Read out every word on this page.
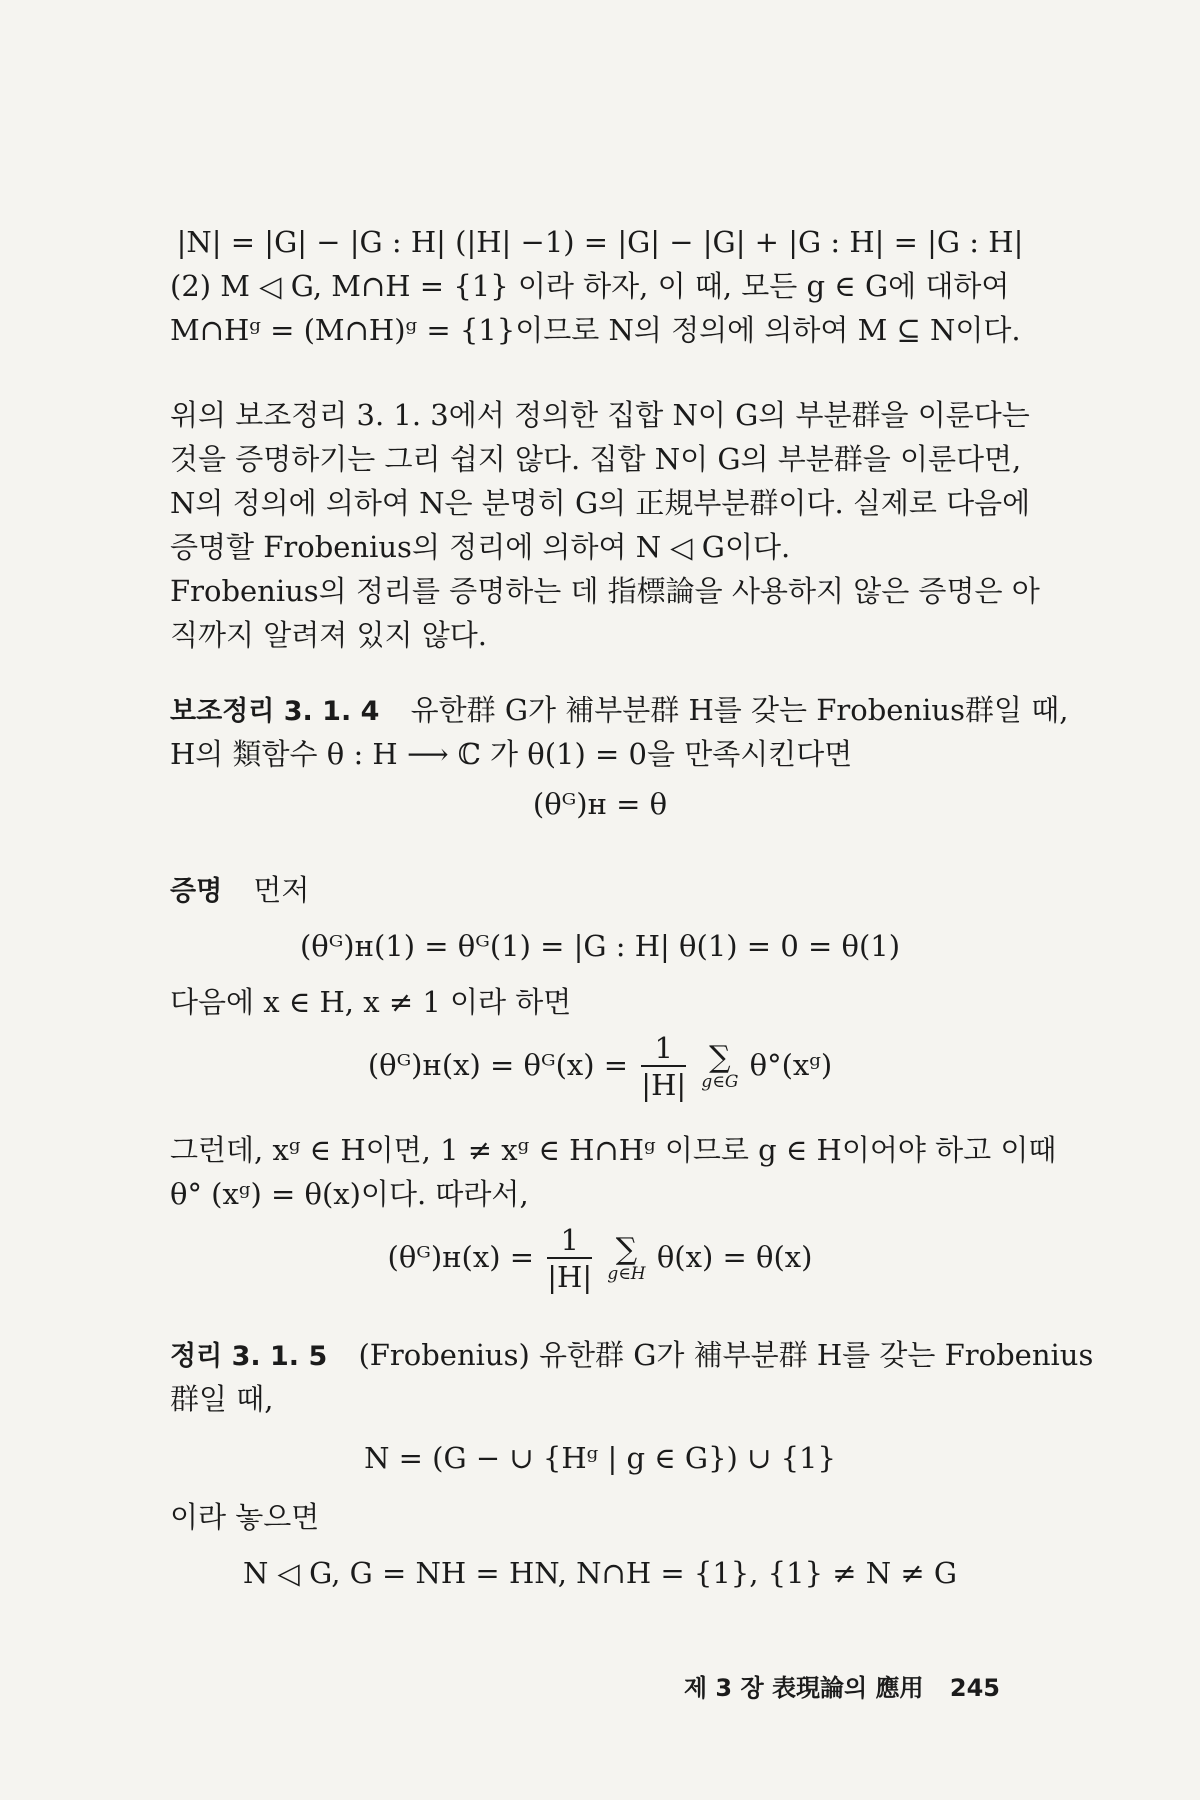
|N| = |G| − |G : H| (|H| −1) = |G| − |G| + |G : H| = |G : H|
(2) M ◁ G, M∩H = {1} 이라 하자, 이 때, 모든 g ∈ G에 대하여
M∩Hᵍ = (M∩H)ᵍ = {1}이므로 N의 정의에 의하여 M ⊆ N이다.
위의 보조정리 3. 1. 3에서 정의한 집합 N이 G의 부분群을 이룬다는
것을 증명하기는 그리 쉽지 않다. 집합 N이 G의 부분群을 이룬다면,
N의 정의에 의하여 N은 분명히 G의 正規부분群이다. 실제로 다음에
증명할 Frobenius의 정리에 의하여 N ◁ G이다.
Frobenius의 정리를 증명하는 데 指標論을 사용하지 않은 증명은 아
직까지 알려져 있지 않다.
보조정리 3. 1. 4 유한群 G가 補부분群 H를 갖는 Frobenius群일 때,
H의 類함수 θ : H ⟶ ℂ 가 θ(1) = 0을 만족시킨다면
(θᴳ)ʜ = θ
증명 먼저
(θᴳ)ʜ(1) = θᴳ(1) = |G : H| θ(1) = 0 = θ(1)
다음에 x ∈ H, x ≠ 1 이라 하면
(θᴳ)ʜ(x) = θᴳ(x) = $\frac{1}{|H|}$
∑
g∈G θ°(xᵍ)
그런데, xᵍ ∈ H이면, 1 ≠ xᵍ ∈ H∩Hᵍ 이므로 g ∈ H이어야 하고 이때
θ° (xᵍ) = θ(x)이다. 따라서,
(θᴳ)ʜ(x) = $\frac{1}{|H|}$
∑
g∈H θ(x) = θ(x)
정리 3. 1. 5 (Frobenius) 유한群 G가 補부분群 H를 갖는 Frobenius
群일 때,
N = (G − ∪ {Hᵍ | g ∈ G}) ∪ {1}
이라 놓으면
N ◁ G, G = NH = HN, N∩H = {1}, {1} ≠ N ≠ G
제 3 장 表現論의 應用 245
